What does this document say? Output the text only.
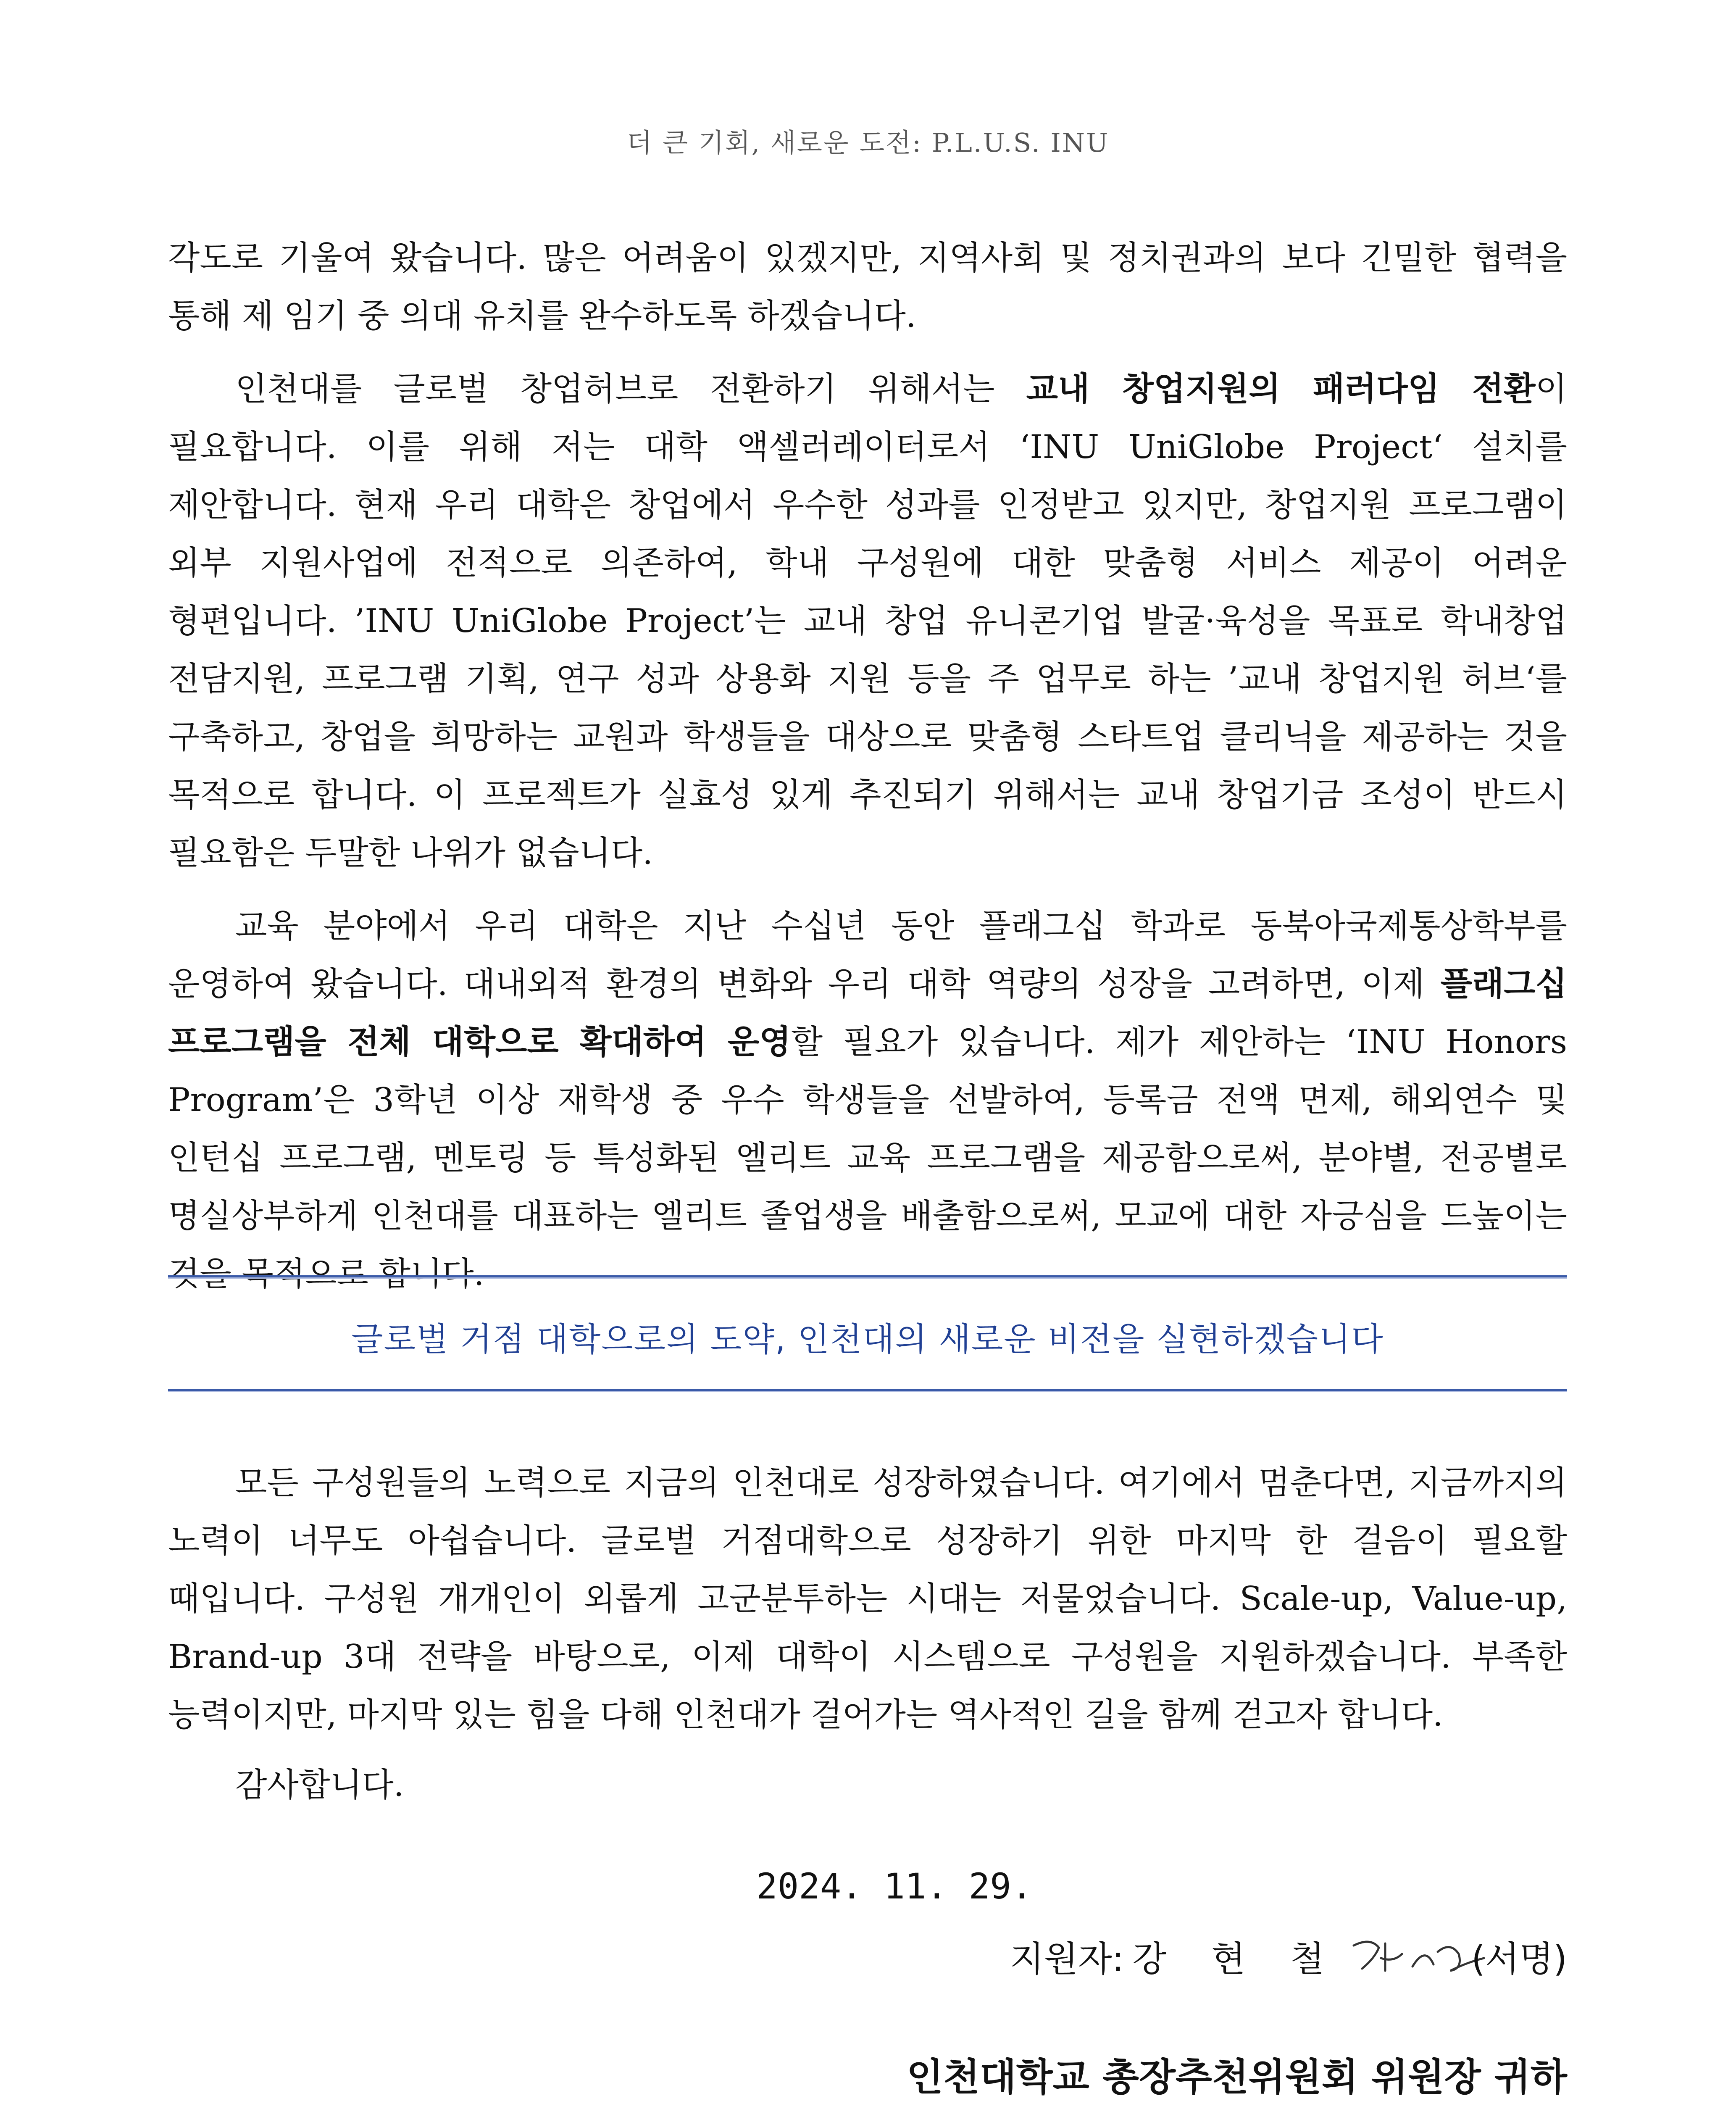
더 큰 기회, 새로운 도전: P.L.U.S. INU

각도로 기울여 왔습니다. 많은 어려움이 있겠지만, 지역사회 및 정치권과의 보다 긴밀한 협력을 통해 제 임기 중 의대 유치를 완수하도록 하겠습니다.

인천대를 글로벌 창업허브로 전환하기 위해서는 교내 창업지원의 패러다임 전환이 필요합니다. 이를 위해 저는 대학 액셀러레이터로서 ‘INU UniGlobe Project‘ 설치를 제안합니다. 현재 우리 대학은 창업에서 우수한 성과를 인정받고 있지만, 창업지원 프로그램이 외부 지원사업에 전적으로 의존하여, 학내 구성원에 대한 맞춤형 서비스 제공이 어려운 형편입니다. ’INU UniGlobe Project’는 교내 창업 유니콘기업 발굴·육성을 목표로 학내창업 전담지원, 프로그램 기획, 연구 성과 상용화 지원 등을 주 업무로 하는 ’교내 창업지원 허브‘를 구축하고, 창업을 희망하는 교원과 학생들을 대상으로 맞춤형 스타트업 클리닉을 제공하는 것을 목적으로 합니다. 이 프로젝트가 실효성 있게 추진되기 위해서는 교내 창업기금 조성이 반드시 필요함은 두말한 나위가 없습니다.

교육 분야에서 우리 대학은 지난 수십년 동안 플래그십 학과로 동북아국제통상학부를 운영하여 왔습니다. 대내외적 환경의 변화와 우리 대학 역량의 성장을 고려하면, 이제 플래그십 프로그램을 전체 대학으로 확대하여 운영할 필요가 있습니다. 제가 제안하는 ‘INU Honors Program’은 3학년 이상 재학생 중 우수 학생들을 선발하여, 등록금 전액 면제, 해외연수 및 인턴십 프로그램, 멘토링 등 특성화된 엘리트 교육 프로그램을 제공함으로써, 분야별, 전공별로 명실상부하게 인천대를 대표하는 엘리트 졸업생을 배출함으로써, 모교에 대한 자긍심을 드높이는 것을 목적으로 합니다.

글로벌 거점 대학으로의 도약, 인천대의 새로운 비전을 실현하겠습니다

모든 구성원들의 노력으로 지금의 인천대로 성장하였습니다. 여기에서 멈춘다면, 지금까지의 노력이 너무도 아쉽습니다. 글로벌 거점대학으로 성장하기 위한 마지막 한 걸음이 필요할 때입니다. 구성원 개개인이 외롭게 고군분투하는 시대는 저물었습니다. Scale-up, Value-up, Brand-up 3대 전략을 바탕으로, 이제 대학이 시스템으로 구성원을 지원하겠습니다. 부족한 능력이지만, 마지막 있는 힘을 다해 인천대가 걸어가는 역사적인 길을 함께 걷고자 합니다.

감사합니다.
2024. 11. 29.
지원자: 강 현 철	(서명)
인천대학교 총장추천위원회 위원장 귀하
